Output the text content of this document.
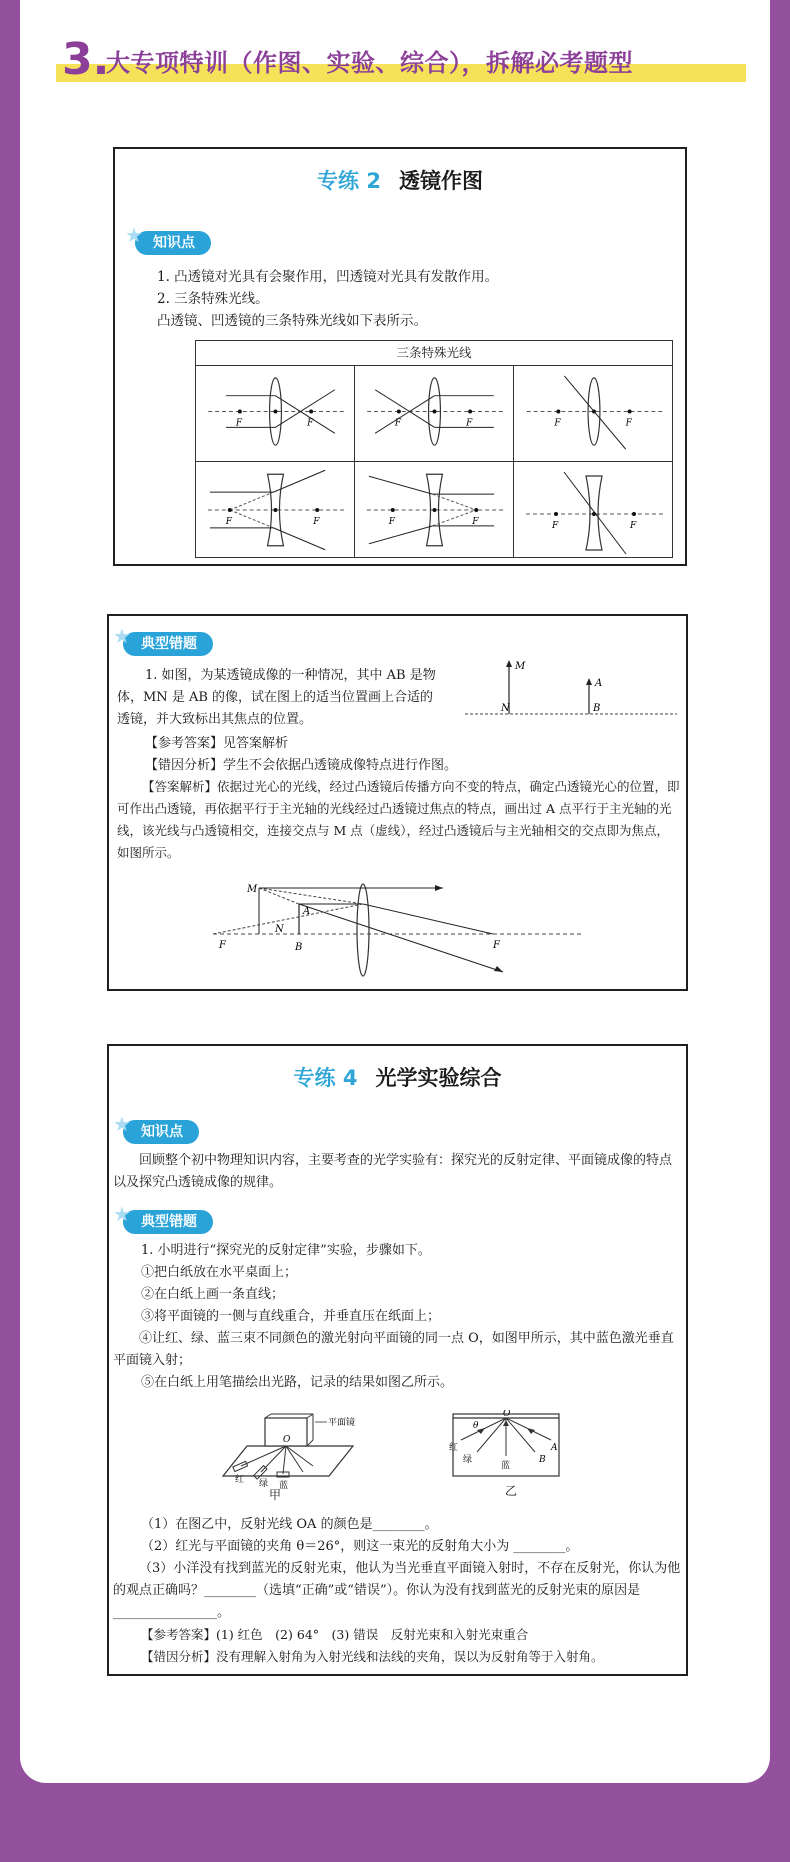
3.
大专项特训（作图、实验、综合），拆解必考题型
专练 2 透镜作图
★ 知识点
1. 凸透镜对光具有会聚作用，凹透镜对光具有发散作用。
2. 三条特殊光线。
凸透镜、凹透镜的三条特殊光线如下表所示。
三条特殊光线
F	F	F	F	F	F
F	F	F	F	F	F
★ 典型错题
1. 如图，为某透镜成像的一种情况，其中 AB 是物
体，MN 是 AB 的像，试在图上的适当位置画上合适的
透镜，并大致标出其焦点的位置。
【参考答案】见答案解析
【错因分析】学生不会依据凸透镜成像特点进行作图。

【答案解析】依据过光心的光线，经过凸透镜后传播方向不变的特点，确定凸透镜光心的位置，即可作出凸透镜，再依据平行于主光轴的光线经过凸透镜过焦点的特点，画出过 A 点平行于主光轴的光线，该光线与凸透镜相交，连接交点与 M 点（虚线），经过凸透镜后与主光轴相交的交点即为焦点，如图所示。

M
A
N	B
M
A
N
B
F	F
专练 4 光学实验综合
★ 知识点

回顾整个初中物理知识内容，主要考查的光学实验有：探究光的反射定律、平面镜成像的特点以及探究凸透镜成像的规律。

★ 典型错题
1. 小明进行“探究光的反射定律”实验，步骤如下。
①把白纸放在水平桌面上；
②在白纸上画一条直线；
③将平面镜的一侧与直线重合，并垂直压在纸面上；

④让红、绿、蓝三束不同颜色的激光射向平面镜的同一点 O，如图甲所示，其中蓝色激光垂直平面镜入射；

⑤在白纸上用笔描绘出光路，记录的结果如图乙所示。
平面镜
O
红 绿 蓝
甲
O
θ
红
绿
蓝
A
B
乙
（1）在图乙中，反射光线 OA 的颜色是________。
（2）红光与平面镜的夹角 θ＝26°，则这一束光的反射角大小为 ________。

（3）小洋没有找到蓝光的反射光束，他认为当光垂直平面镜入射时，不存在反射光，你认为他的观点正确吗？________（选填“正确”或“错误”）。你认为没有找到蓝光的反射光束的原因是________________。

【参考答案】(1) 红色　(2) 64°　(3) 错误　反射光束和入射光束重合
【错因分析】没有理解入射角为入射光线和法线的夹角，误以为反射角等于入射角。
